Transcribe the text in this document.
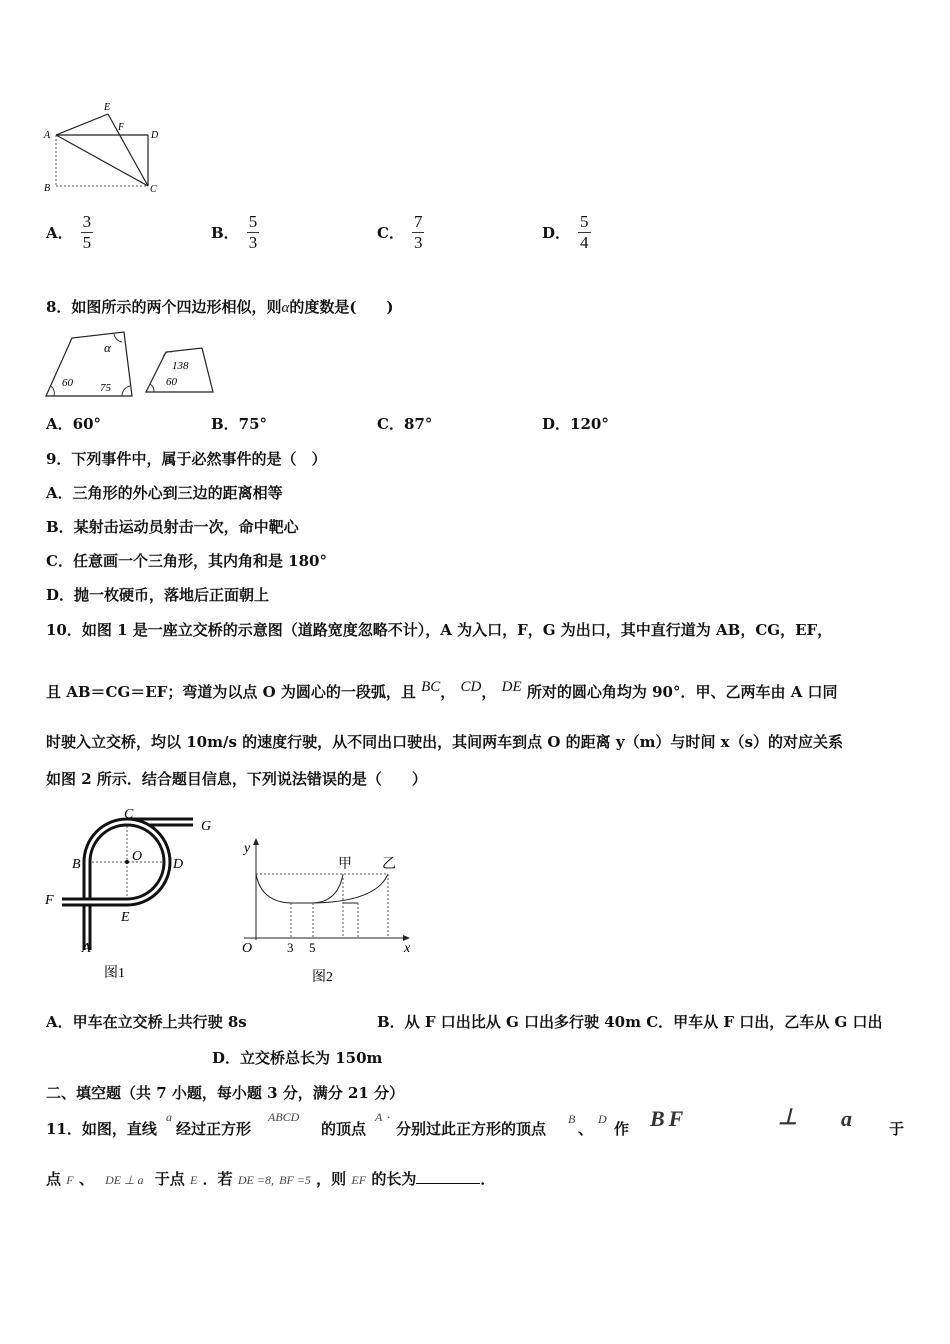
A
B	C
D
E
F
A． $\frac{3}{5}$	B． $\frac{5}{3}$	C． $\frac{7}{3}$	D． $\frac{5}{4}$
8．如图所示的两个四边形相似，则α的度数是(　　)
α
60 75
138
60
A．60°	B．75°	C．87°	D．120°
9．下列事件中，属于必然事件的是（　）
A．三角形的外心到三边的距离相等
B．某射击运动员射击一次，命中靶心
C．任意画一个三角形，其内角和是 180°
D．抛一枚硬币，落地后正面朝上
10．如图 1 是一座立交桥的示意图（道路宽度忽略不计），A 为入口，F，G 为出口，其中直行道为 AB，CG，EF，
且 AB＝CG＝EF；弯道为以点 O 为圆心的一段弧，且 BC， CD， DE 所对的圆心角均为 90°．甲、乙两车由 A 口同
时驶入立交桥，均以 10m/s 的速度行驶，从不同出口驶出，其间两车到点 O 的距离 y（m）与时间 x（s）的对应关系
如图 2 所示．结合题目信息，下列说法错误的是（　　）
C
G
B
O
D
F
E
A
图1
y
x
O	3 5
甲 乙
图2
A．甲车在立交桥上共行驶 8s	B．从 F 口出比从 G 口出多行驶 40m C．甲车从 F 口出，乙车从 G 口出
D．立交桥总长为 150m
二、填空题（共 7 小题，每小题 3 分，满分 21 分）
11．如图，直线
a
经过正方形
ABCD
的顶点
A ·
分别过此正方形的顶点
B
、
D
作 BF	⊥ a 于
点 F 、 DE ⊥ a 于点 E ．若 DE =8, BF =5 ，则 EF 的长为	．
